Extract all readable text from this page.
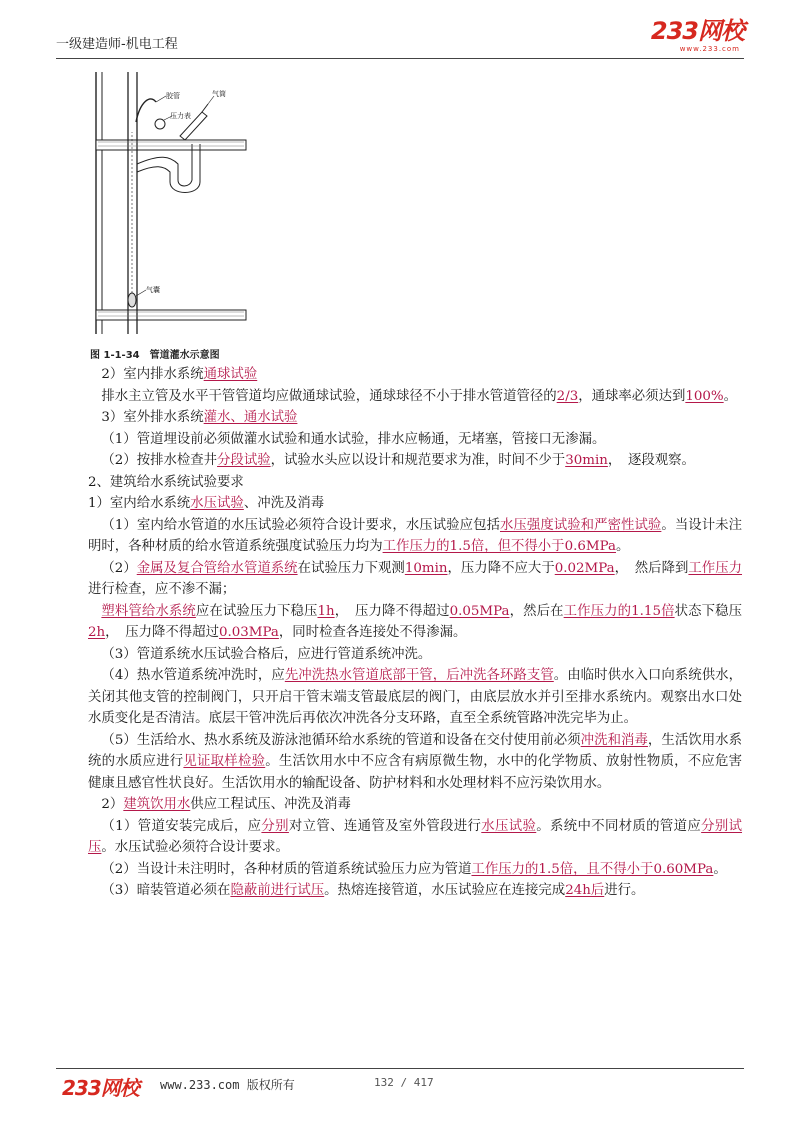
一级建造师-机电工程	233网校
www.233.com
胶管
压力表
气筒
气囊
图 1-1-34　管道灌水示意图

2）室内排水系统通球试验

排水主立管及水平干管管道均应做通球试验，通球球径不小于排水管道管径的2/3，通球率必须达到100%。

3）室外排水系统灌水、通水试验

（1）管道埋设前必须做灌水试验和通水试验，排水应畅通，无堵塞，管接口无渗漏。

（2）按排水检查井分段试验，试验水头应以设计和规范要求为准，时间不少于30min，　逐段观察。

2、建筑给水系统试验要求

1）室内给水系统水压试验、冲洗及消毒

（1）室内给水管道的水压试验必须符合设计要求，水压试验应包括水压强度试验和严密性试验。当设计未注明时，各种材质的给水管道系统强度试验压力均为工作压力的1.5倍，但不得小于0.6MPa。

（2）金属及复合管给水管道系统在试验压力下观测10min，压力降不应大于0.02MPa，　然后降到工作压力进行检查，应不渗不漏；

塑料管给水系统应在试验压力下稳压1h，　压力降不得超过0.05MPa，然后在工作压力的1.15倍状态下稳压2h，　压力降不得超过0.03MPa，同时检查各连接处不得渗漏。

（3）管道系统水压试验合格后，应进行管道系统冲洗。

（4）热水管道系统冲洗时，应先冲洗热水管道底部干管，后冲洗各环路支管。由临时供水入口向系统供水，关闭其他支管的控制阀门，只开启干管末端支管最底层的阀门，由底层放水并引至排水系统内。观察出水口处水质变化是否清洁。底层干管冲洗后再依次冲洗各分支环路，直至全系统管路冲洗完毕为止。

（5）生活给水、热水系统及游泳池循环给水系统的管道和设备在交付使用前必须冲洗和消毒，生活饮用水系统的水质应进行见证取样检验。生活饮用水中不应含有病原微生物，水中的化学物质、放射性物质，不应危害健康且感官性状良好。生活饮用水的输配设备、防护材料和水处理材料不应污染饮用水。

2）建筑饮用水供应工程试压、冲洗及消毒

（1）管道安装完成后，应分别对立管、连通管及室外管段进行水压试验。系统中不同材质的管道应分别试压。水压试验必须符合设计要求。

（2）当设计未注明时，各种材质的管道系统试验压力应为管道工作压力的1.5倍，且不得小于0.60MPa。

（3）暗装管道必须在隐蔽前进行试压。热熔连接管道，水压试验应在连接完成24h后进行。

233网校 www.233.com 版权所有	132 / 417
